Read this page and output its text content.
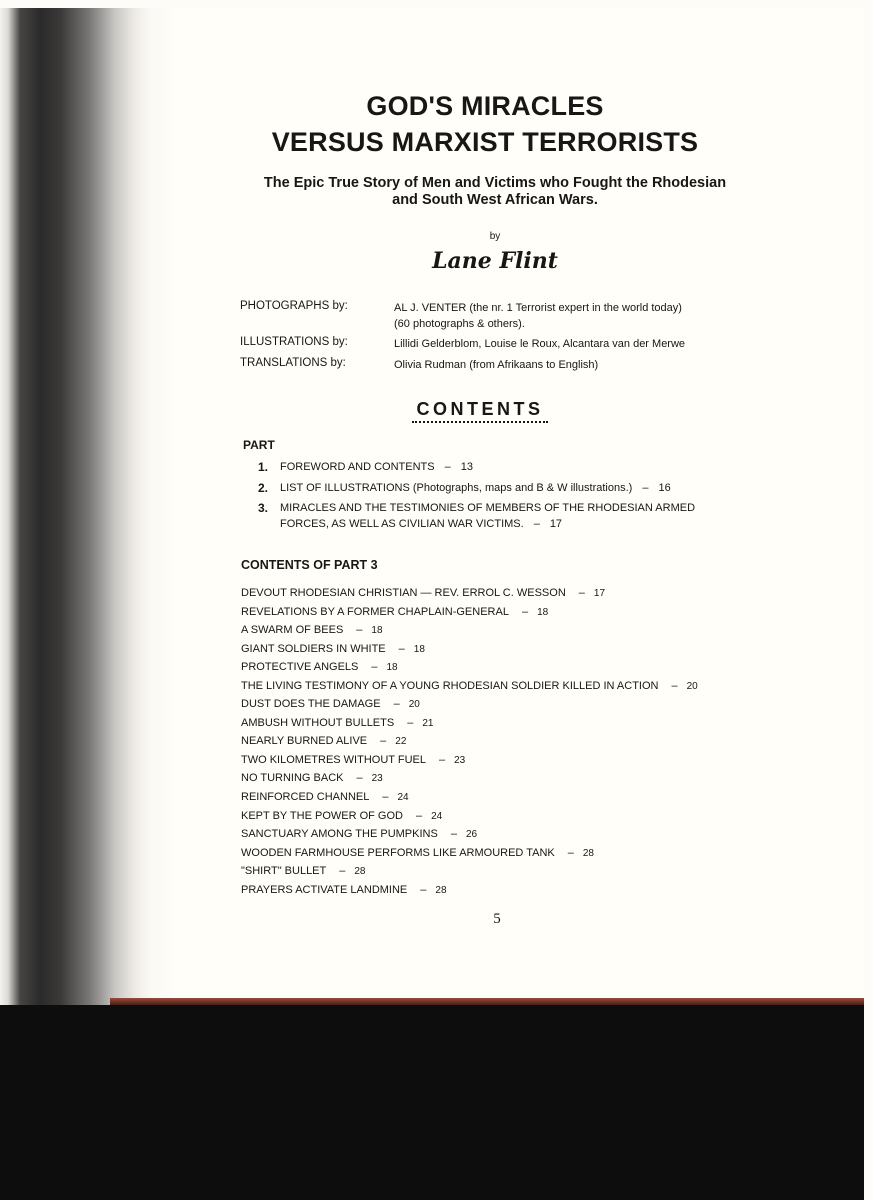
GOD'S MIRACLES
VERSUS MARXIST TERRORISTS
The Epic True Story of Men and Victims who Fought the Rhodesian
and South West African Wars.
by
Lane Flint
PHOTOGRAPHS by:	AL J. VENTER (the nr. 1 Terrorist expert in the world today)
(60 photographs & others).
ILLUSTRATIONS by:	Lillidi Gelderblom, Louise le Roux, Alcantara van der Merwe
TRANSLATIONS by:	Olivia Rudman (from Afrikaans to English)
CONTENTS
PART
1. FOREWORD AND CONTENTS – 13
2. LIST OF ILLUSTRATIONS (Photographs, maps and B & W illustrations.) – 16
3. MIRACLES AND THE TESTIMONIES OF MEMBERS OF THE RHODESIAN ARMED
FORCES, AS WELL AS CIVILIAN WAR VICTIMS. – 17
CONTENTS OF PART 3
DEVOUT RHODESIAN CHRISTIAN — REV. ERROL C. WESSON – 17
REVELATIONS BY A FORMER CHAPLAIN-GENERAL – 18
A SWARM OF BEES – 18
GIANT SOLDIERS IN WHITE – 18
PROTECTIVE ANGELS – 18
THE LIVING TESTIMONY OF A YOUNG RHODESIAN SOLDIER KILLED IN ACTION – 20
DUST DOES THE DAMAGE – 20
AMBUSH WITHOUT BULLETS – 21
NEARLY BURNED ALIVE – 22
TWO KILOMETRES WITHOUT FUEL – 23
NO TURNING BACK – 23
REINFORCED CHANNEL – 24
KEPT BY THE POWER OF GOD – 24
SANCTUARY AMONG THE PUMPKINS – 26
WOODEN FARMHOUSE PERFORMS LIKE ARMOURED TANK – 28
"SHIRT" BULLET – 28
PRAYERS ACTIVATE LANDMINE – 28
5
